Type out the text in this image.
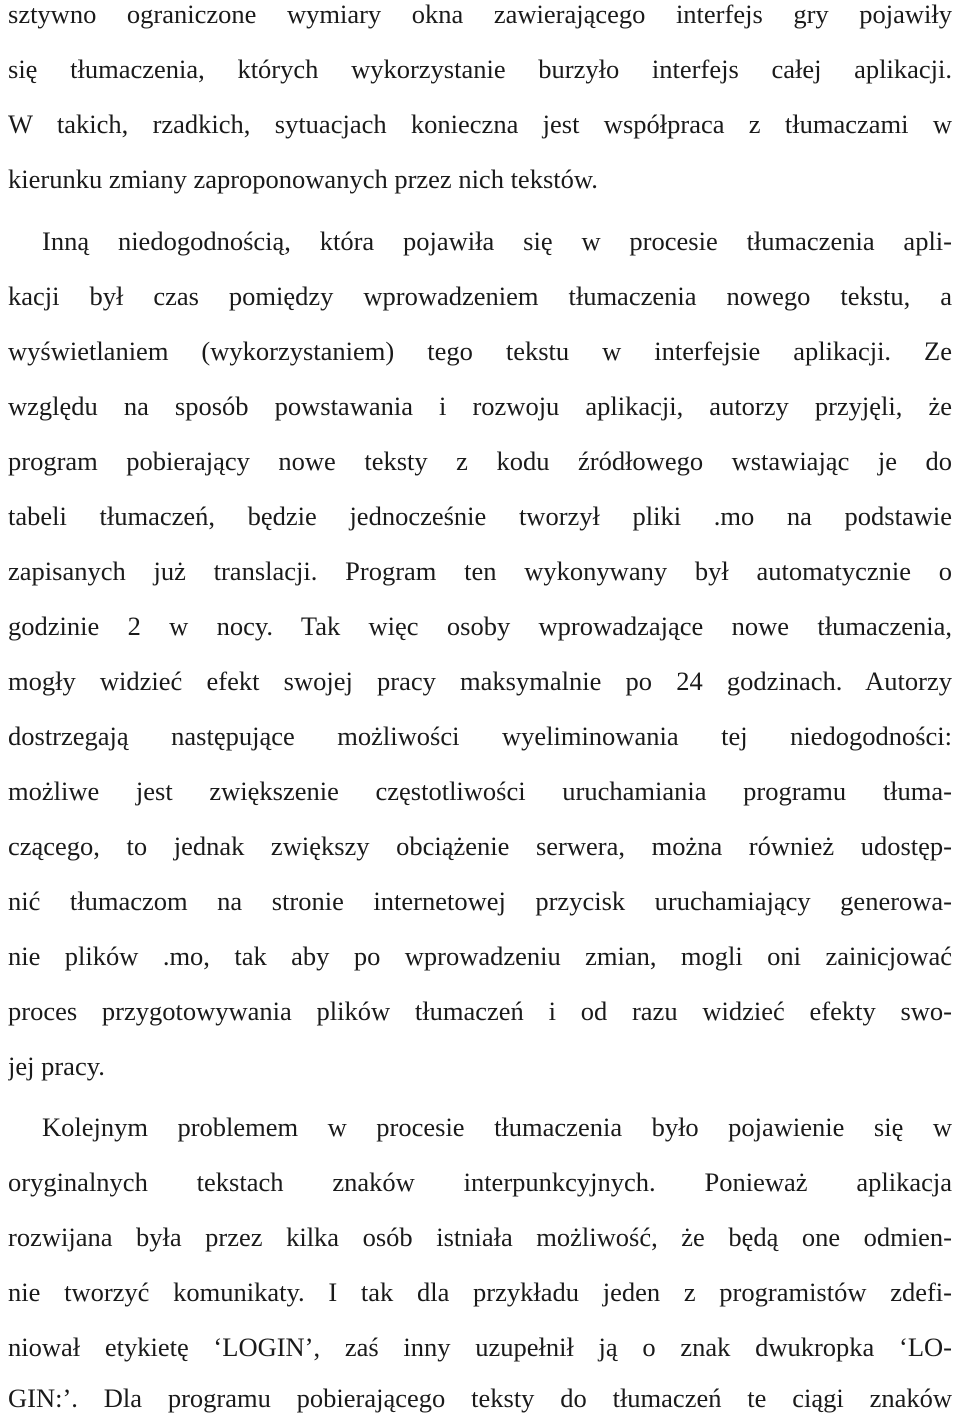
sztywno ograniczone wymiary okna zawierającego interfejs gry pojawiły
się tłumaczenia, których wykorzystanie burzyło interfejs całej aplikacji.
W takich, rzadkich, sytuacjach konieczna jest współpraca z tłumaczami w
kierunku zmiany zaproponowanych przez nich tekstów.
Inną niedogodnością, która pojawiła się w procesie tłumaczenia apli-
kacji był czas pomiędzy wprowadzeniem tłumaczenia nowego tekstu, a
wyświetlaniem (wykorzystaniem) tego tekstu w interfejsie aplikacji. Ze
względu na sposób powstawania i rozwoju aplikacji, autorzy przyjęli, że
program pobierający nowe teksty z kodu źródłowego wstawiając je do
tabeli tłumaczeń, będzie jednocześnie tworzył pliki .mo na podstawie
zapisanych już translacji. Program ten wykonywany był automatycznie o
godzinie 2 w nocy. Tak więc osoby wprowadzające nowe tłumaczenia,
mogły widzieć efekt swojej pracy maksymalnie po 24 godzinach. Autorzy
dostrzegają następujące możliwości wyeliminowania tej niedogodności:
możliwe jest zwiększenie częstotliwości uruchamiania programu tłuma-
czącego, to jednak zwiększy obciążenie serwera, można również udostęp-
nić tłumaczom na stronie internetowej przycisk uruchamiający generowa-
nie plików .mo, tak aby po wprowadzeniu zmian, mogli oni zainicjować
proces przygotowywania plików tłumaczeń i od razu widzieć efekty swo-
jej pracy.
Kolejnym problemem w procesie tłumaczenia było pojawienie się w
oryginalnych tekstach znaków interpunkcyjnych. Ponieważ aplikacja
rozwijana była przez kilka osób istniała możliwość, że będą one odmien-
nie tworzyć komunikaty. I tak dla przykładu jeden z programistów zdefi-
niował etykietę ‘LOGIN’, zaś inny uzupełnił ją o znak dwukropka ‘LO-
GIN:’. Dla programu pobierającego teksty do tłumaczeń te ciągi znaków
